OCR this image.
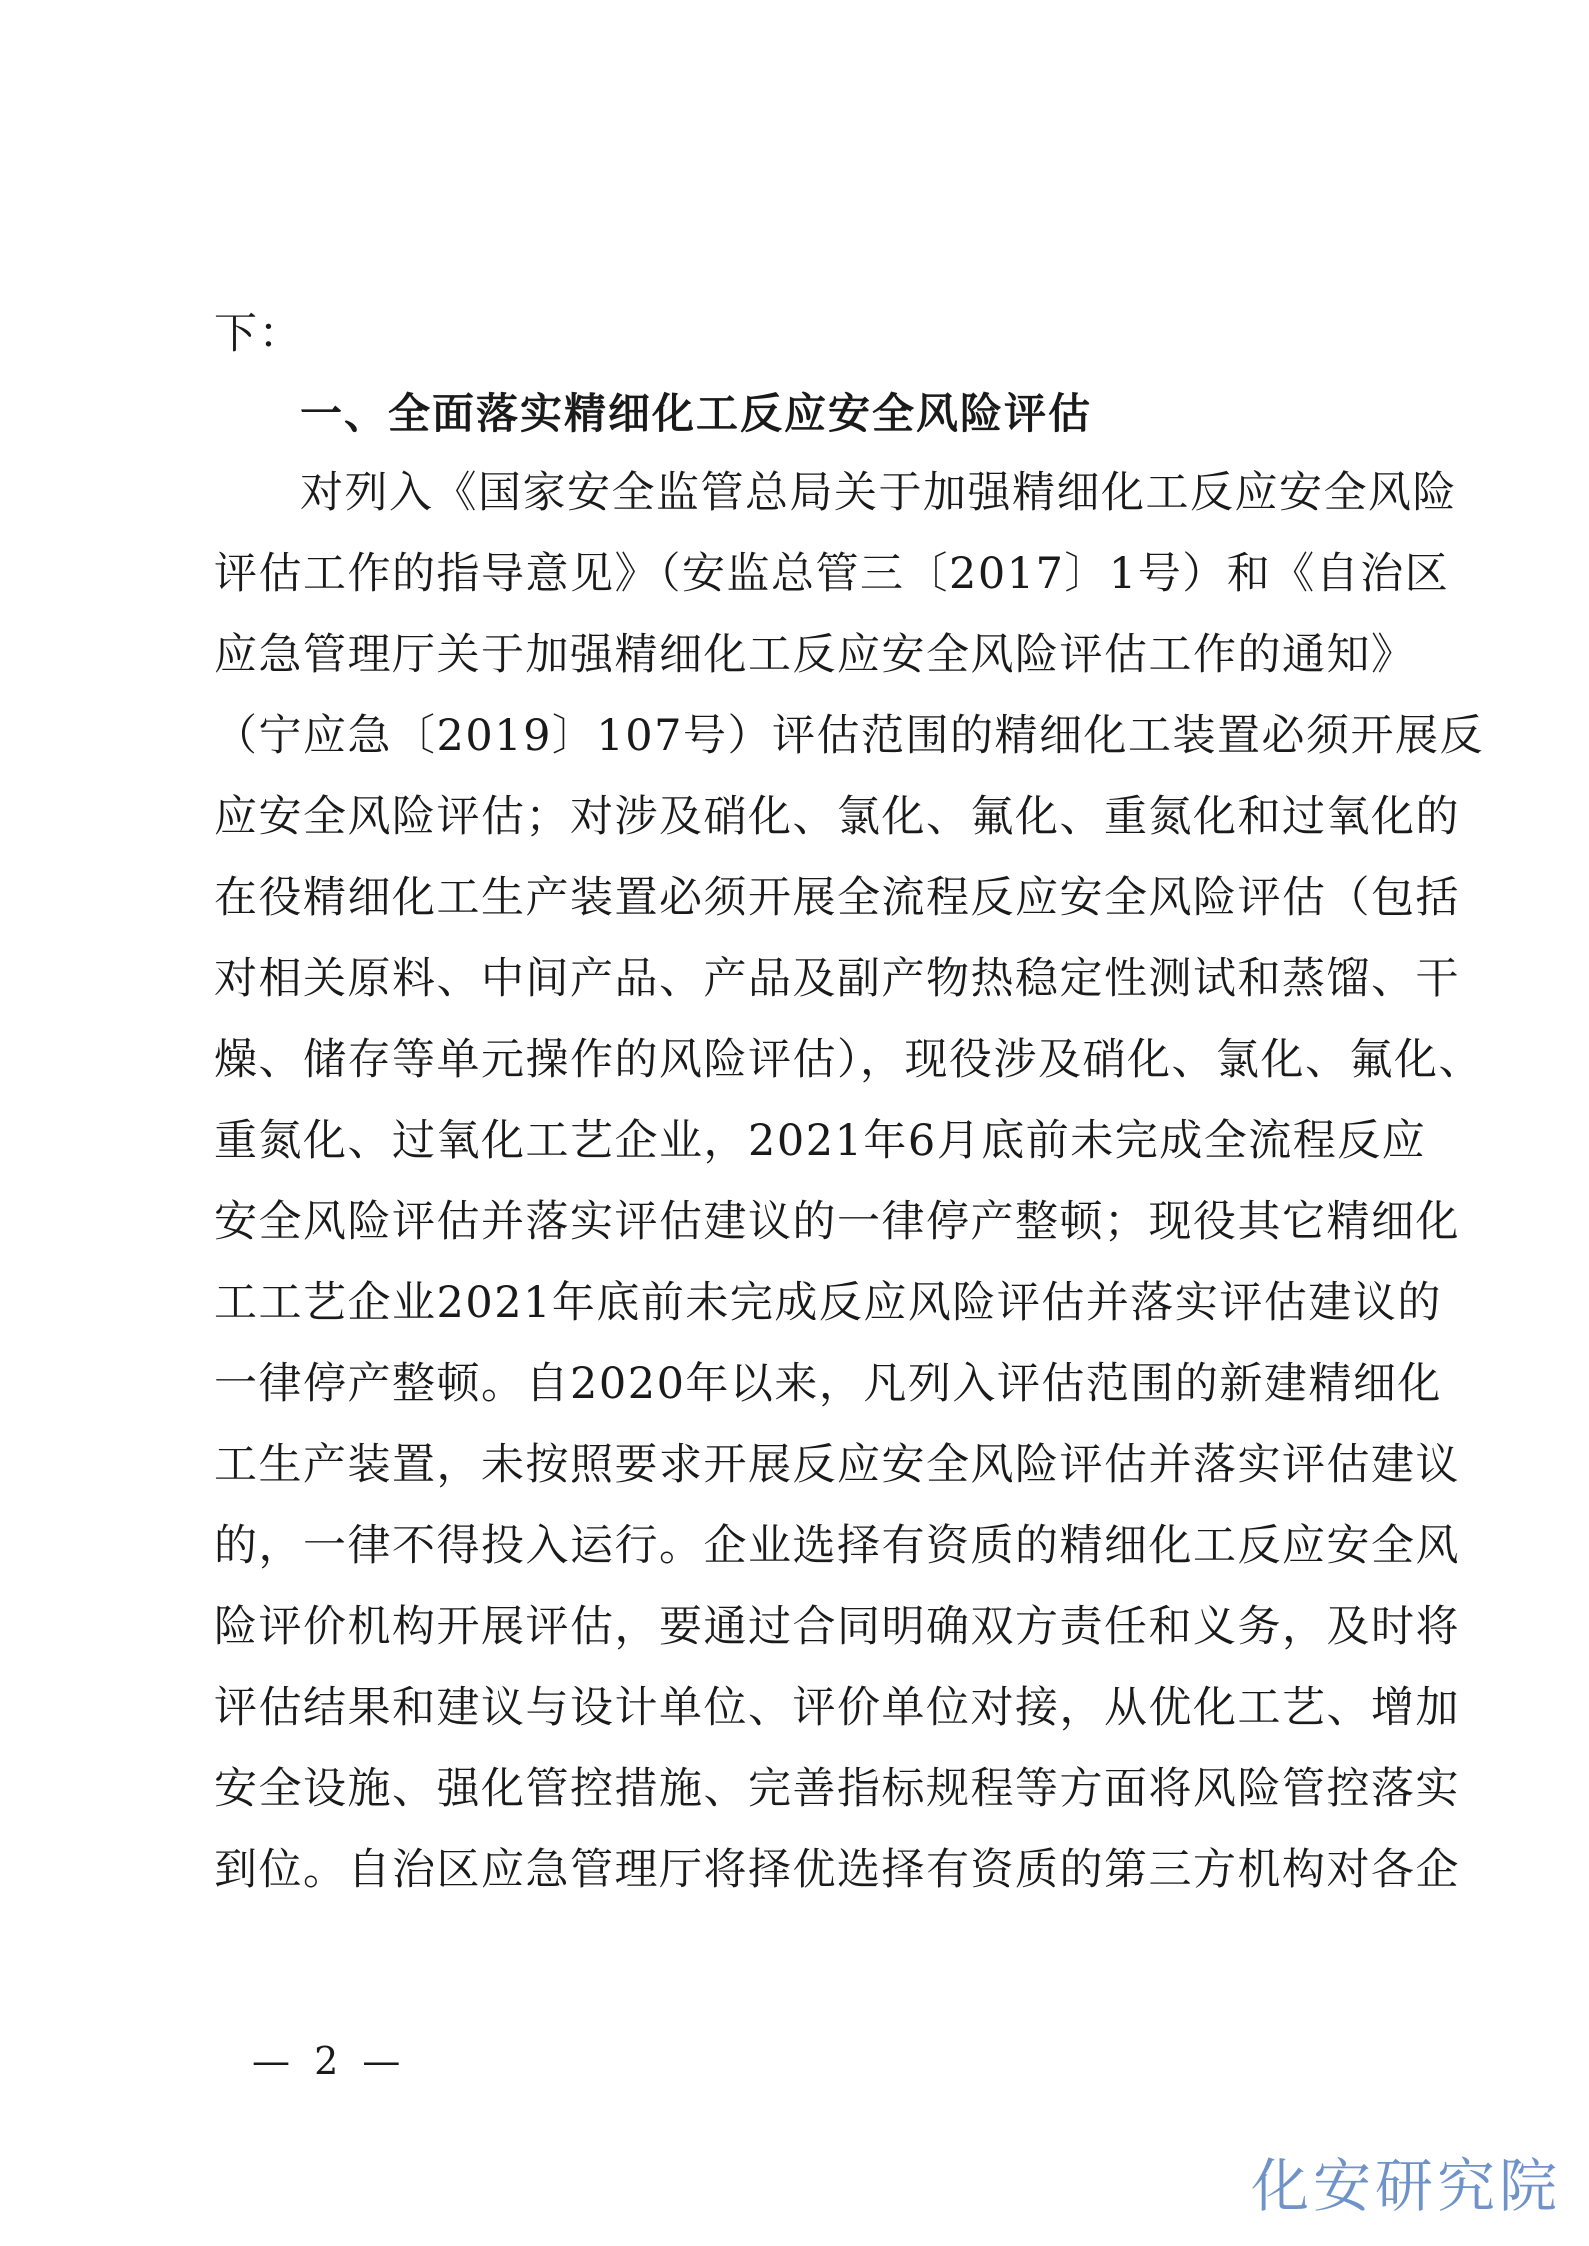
下：
一、全面落实精细化工反应安全风险评估
对列入《国家安全监管总局关于加强精细化工反应安全风险
评估工作的指导意见》（安监总管三〔2017〕1号）和《自治区
应急管理厅关于加强精细化工反应安全风险评估工作的通知》
（宁应急〔2019〕107号）评估范围的精细化工装置必须开展反
应安全风险评估；对涉及硝化、氯化、氟化、重氮化和过氧化的
在役精细化工生产装置必须开展全流程反应安全风险评估（包括
对相关原料、中间产品、产品及副产物热稳定性测试和蒸馏、干
燥、储存等单元操作的风险评估），现役涉及硝化、氯化、氟化、
重氮化、过氧化工艺企业，2021年6月底前未完成全流程反应
安全风险评估并落实评估建议的一律停产整顿；现役其它精细化
工工艺企业2021年底前未完成反应风险评估并落实评估建议的
一律停产整顿。自2020年以来，凡列入评估范围的新建精细化
工生产装置，未按照要求开展反应安全风险评估并落实评估建议
的，一律不得投入运行。企业选择有资质的精细化工反应安全风
险评价机构开展评估，要通过合同明确双方责任和义务，及时将
评估结果和建议与设计单位、评价单位对接，从优化工艺、增加
安全设施、强化管控措施、完善指标规程等方面将风险管控落实
到位。自治区应急管理厅将择优选择有资质的第三方机构对各企
— 2 —
化安研究院
